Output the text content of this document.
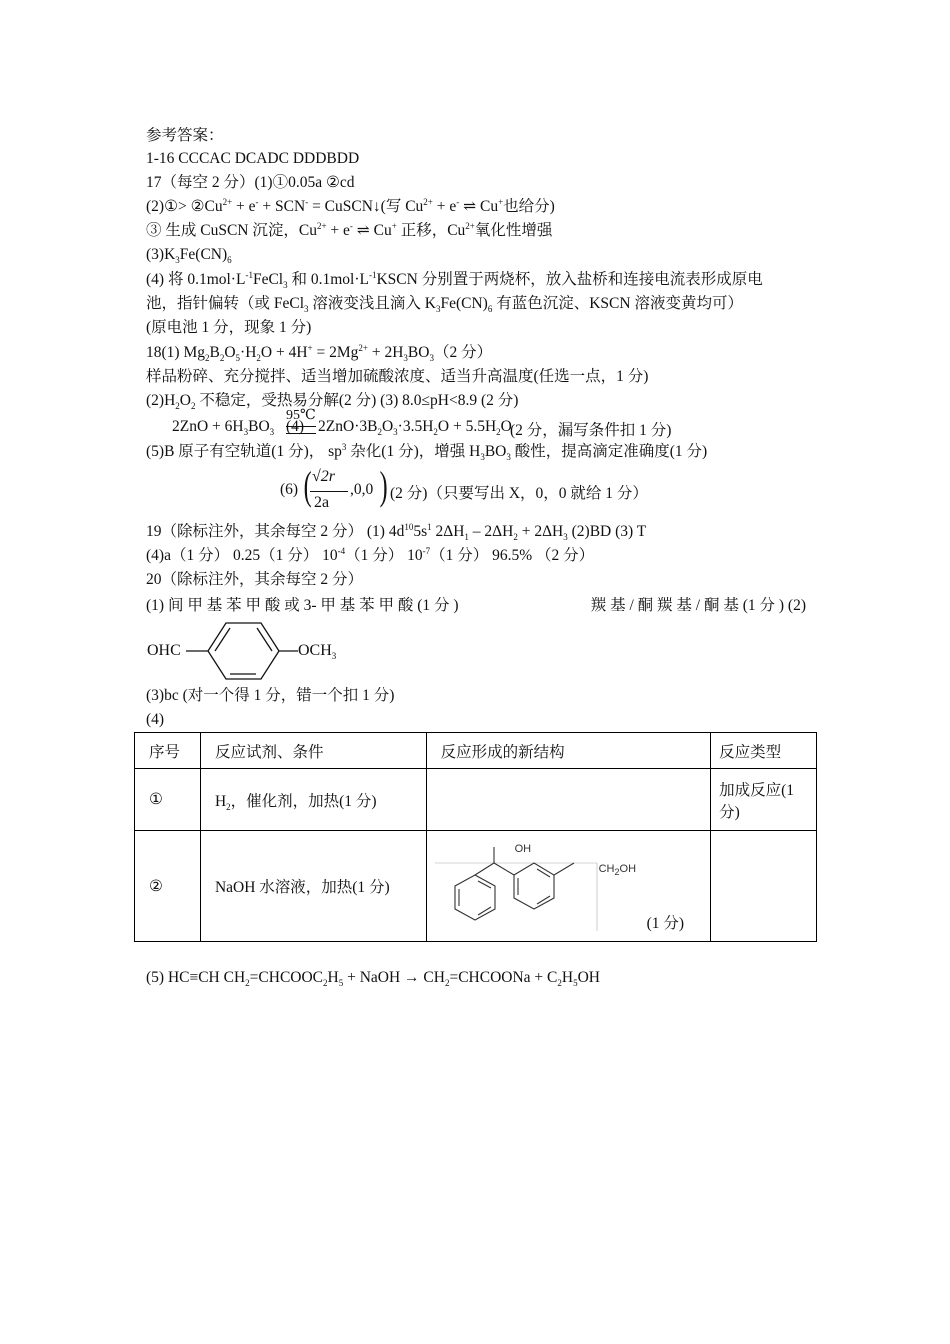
参考答案：
1-16 CCCAC DCADC DDDBDD
17（每空 2 分）(1)①0.05a ②cd
(2)①> $②Cu^{2+} + e^- + SCN^-$ = CuSCN↓(写 $Cu^{2+} + e^-$ ⇌ Cu+也给分)
③ 生成 CuSCN 沉淀，$Cu^{2+} + e^-$ ⇌ Cu+ 正移，$Cu^{2+}$氧化性增强
$(3)K_3Fe(CN)_6$
(4) 将 $0.1mol\cdot L^{-1}FeCl_3$ 和 $0.1mol\cdot L^{-1}KSCN$ 分别置于两烧杯，放入盐桥和连接电流表形成原电
池，指针偏转（或 FeCl$_3$ 溶液变浅且滴入 $K_3Fe(CN)_6$ 有蓝色沉淀、KSCN 溶液变黄均可）
(原电池 1 分，现象 1 分)
18(1) $Mg_2B_2O_5\cdot H_2O + 4H^+ = 2Mg^{2+} + 2H_3BO_3(2$ 分）
样品粉碎、充分搅拌、适当增加硫酸浓度、适当升高温度(任选一点，1 分)
$(2)H_2O_2$ 不稳定，受热易分解(2 分) (3) 8.0≤pH<8.9 (2 分)
95℃
$2ZnO + 6H_3BO_3$	$2ZnO\cdot 3B_2O_3\cdot 3.5H_2O + 5.5H_2O$
(4)	(2 分，漏写条件扣 1 分)
(5)B 原子有空轨道(1 分)， $sp^3$ 杂化(1 分)，增强 $H_3BO_3$ 酸性，提高滴定准确度(1 分)
(6) ( √2r
2a
,0,0 ) (2 分)（只要写出 X，0，0 就给 1 分）
19（除标注外，其余每空 2 分） (1) $4d^{10}5s^1$ $2\Delta H_1 - 2\Delta H_2 + 2\Delta H_3$ (2)BD (3) T
(4)a（1 分） 0.25（1 分） $10^{-4}(1$ 分） $10^{-7}(1$ 分） 96.5% （2 分）
20（除标注外，其余每空 2 分）
(1) 间 甲 基 苯 甲 酸 或 3- 甲 基 苯 甲 酸 (1 分 )	羰 基 / 酮 羰 基 / 酮 基 (1 分 ) (2)
OHC	$OCH_3$
(3)bc (对一个得 1 分，错一个扣 1 分)
(4)
序号	反应试剂、条件	反应形成的新结构	反应类型
①	$H_2$，催化剂，加热(1 分)		加成反应(1 分)
②	NaOH 水溶液，加热(1 分)	OH
$CH_2OH$
(1 分)	

(5) HC≡CH $CH_2=CHCOOC_2H_5$ + NaOH → $CH_2=CHCOONa + C_2H_5OH$
